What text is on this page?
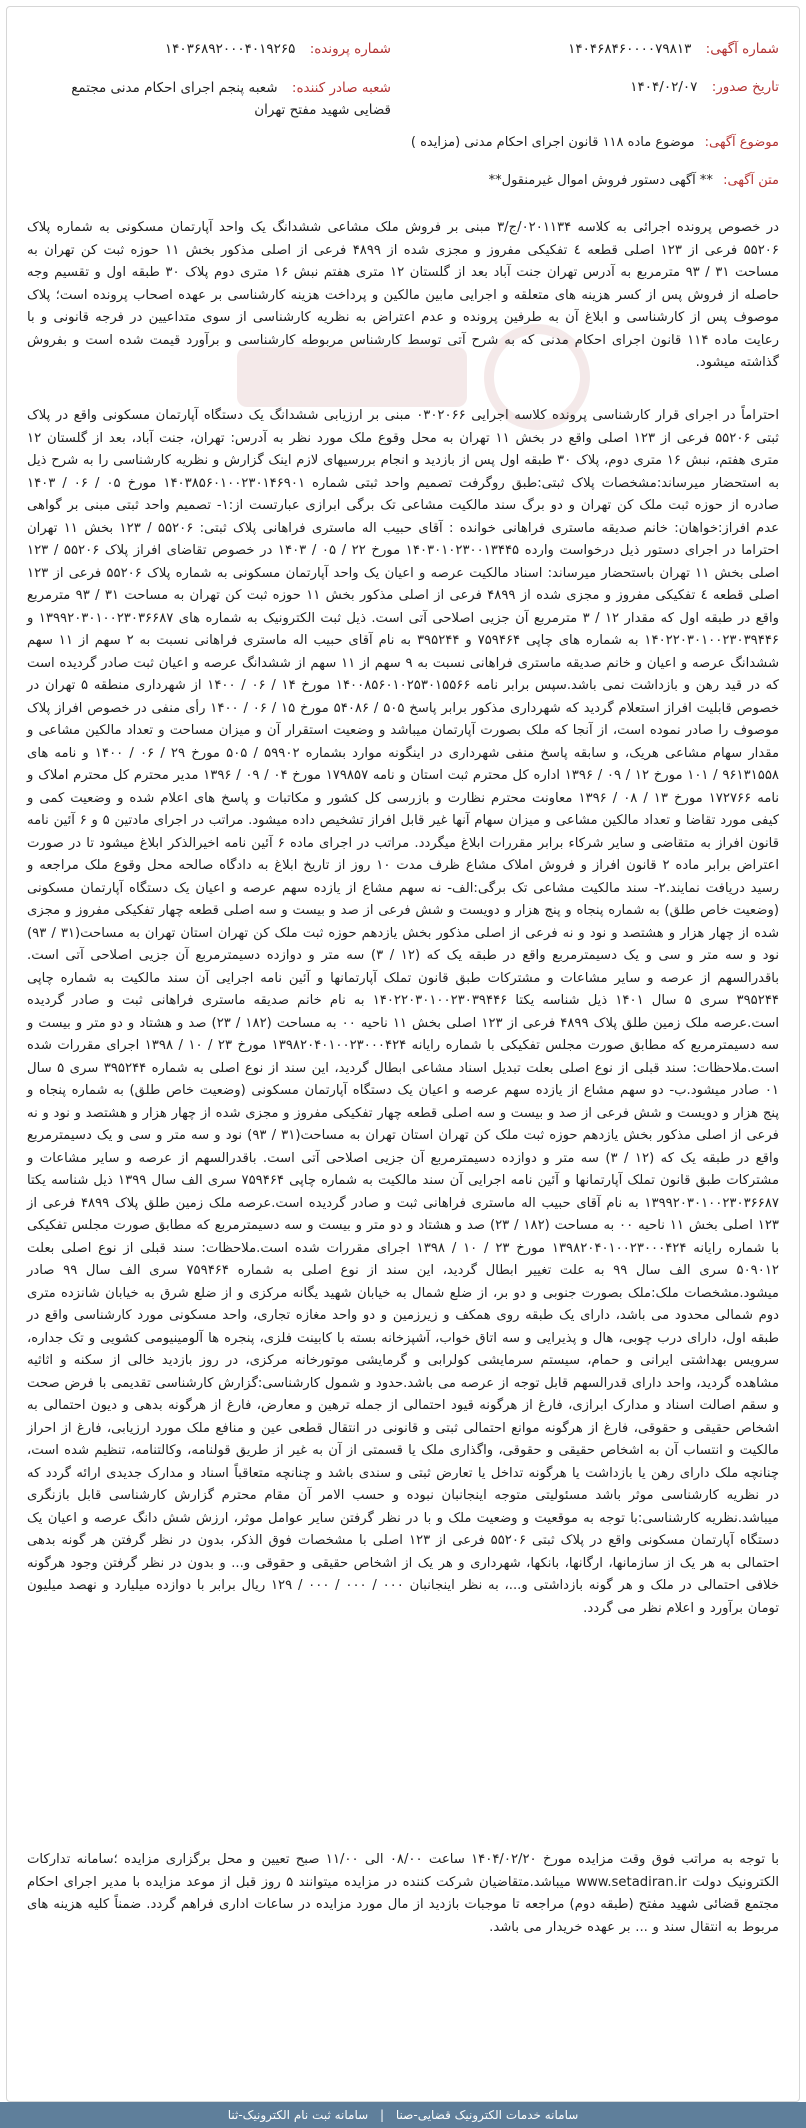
شماره آگهی: ۱۴۰۴۶۸۴۶۰۰۰۰۷۹۸۱۳
شماره پرونده: ۱۴۰۳۶۸۹۲۰۰۰۴۰۱۹۲۶۵
تاریخ صدور: ۱۴۰۴/۰۲/۰۷
شعبه صادر کننده: شعبه پنجم اجرای احکام مدنی مجتمع قضایی شهید مفتح تهران
موضوع آگهی: موضوع ماده ۱۱۸ قانون اجرای احکام مدنی (مزایده )
متن آگهی: ** آگهی دستور فروش اموال غیرمنقول**
در خصوص پرونده اجرائی به کلاسه ۰۲۰۱۱۳۴/ج/۳ مبنی بر فروش ملک مشاعی ششدانگ یک واحد آپارتمان مسکونی به شماره پلاک ۵۵۲۰۶ فرعی از ۱۲۳ اصلی قطعه ٤ تفکیکی مفروز و مجزی شده از ۴۸۹۹ فرعی از اصلی مذکور بخش ۱۱ حوزه ثبت کن تهران به مساحت ۳۱ / ۹۳ مترمربع به آدرس تهران جنت آباد بعد از گلستان ۱۲ متری هفتم نبش ۱۶ متری دوم پلاک ۳۰ طبقه اول و تقسیم وجه حاصله از فروش پس از کسر هزینه های متعلقه و اجرایی مابین مالکین و پرداخت هزینه کارشناسی بر عهده اصحاب پرونده است؛ پلاک موصوف پس از کارشناسی و ابلاغ آن به طرفین پرونده و عدم اعتراض به نظریه کارشناسی از سوی متداعیین در فرجه قانونی و با رعایت ماده ۱۱۴ قانون اجرای احکام مدنی که به شرح آتی توسط کارشناس مربوطه کارشناسی و برآورد قیمت شده است و بفروش گذاشته میشود.
احتراماً در اجرای قرار کارشناسی پرونده کلاسه اجرایی ۰۳۰۲۰۶۶ مبنی بر ارزیابی ششدانگ یک دستگاه آپارتمان مسکونی واقع در پلاک ثبتی ۵۵۲۰۶ فرعی از ۱۲۳ اصلی واقع در بخش ۱۱ تهران به محل وقوع ملک مورد نظر به آدرس: تهران، جنت آباد، بعد از گلستان ۱۲ متری هفتم، نبش ۱۶ متری دوم، پلاک ۳۰ طبقه اول پس از بازدید و انجام بررسیهای لازم اینک گزارش و نظریه کارشناسی را به شرح ذیل به استحضار میرساند:مشخصات پلاک ثبتی:طبق روگرفت تصمیم واحد ثبتی شماره ۱۴۰۳۸۵۶۰۱۰۰۲۳۰۱۴۶۹۰۱ مورخ ۰۵ / ۰۶ / ۱۴۰۳ صادره از حوزه ثبت ملک کن تهران و دو برگ سند مالکیت مشاعی تک برگی ابرازی عبارتست از:۱- تصمیم واحد ثبتی مبنی بر گواهی عدم افراز:خواهان: خانم صدیقه ماستری فراهانی خوانده : آقای حبیب اله ماستری فراهانی پلاک ثبتی: ۵۵۲۰۶ / ۱۲۳ بخش ۱۱ تهران احتراما در اجرای دستور ذیل درخواست وارده ۱۴۰۳۰۱۰۲۳۰۰۱۳۴۴۵ مورخ ۲۲ / ۰۵ / ۱۴۰۳ در خصوص تقاضای افراز پلاک ۵۵۲۰۶ / ۱۲۳ اصلی بخش ۱۱ تهران باستحضار میرساند: اسناد مالکیت عرصه و اعیان یک واحد آپارتمان مسکونی به شماره پلاک ۵۵۲۰۶ فرعی از ۱۲۳ اصلی قطعه ٤ تفکیکی مفروز و مجزی شده از ۴۸۹۹ فرعی از اصلی مذکور بخش ۱۱ حوزه ثبت کن تهران به مساحت ۳۱ / ۹۳ مترمربع واقع در طبقه اول که مقدار ۱۲ / ۳ مترمربع آن جزیی اصلاحی آتی است. ذیل ثبت الکترونیک به شماره های ۱۳۹۹۲۰۳۰۱۰۰۲۳۰۳۶۶۸۷ و ۱۴۰۲۲۰۳۰۱۰۰۲۳۰۳۹۴۴۶ به شماره های چاپی ۷۵۹۴۶۴ و ۳۹۵۲۴۴ به نام آقای حبیب اله ماستری فراهانی نسبت به ۲ سهم از ۱۱ سهم ششدانگ عرصه و اعیان و خانم صدیقه ماستری فراهانی نسبت به ۹ سهم از ۱۱ سهم از ششدانگ عرصه و اعیان ثبت صادر گردیده است که در قید رهن و بازداشت نمی باشد.سپس برابر نامه ۱۴۰۰۸۵۶۰۱۰۲۵۳۰۱۵۵۶۶ مورخ ۱۴ / ۰۶ / ۱۴۰۰ از شهرداری منطقه ۵ تهران در خصوص قابلیت افراز استعلام گردید که شهرداری مذکور برابر پاسخ ۵۰۵ / ۵۴۰۸۶ مورخ ۱۵ / ۰۶ / ۱۴۰۰ رأی منفی در خصوص افراز پلاک موصوف را صادر نموده است، از آنجا که ملک بصورت آپارتمان میباشد و وضعیت استقرار آن و میزان مساحت و تعداد مالکین مشاعی و مقدار سهام مشاعی هریک، و سابقه پاسخ منفی شهرداری در اینگونه موارد بشماره ۵۹۹۰۲ / ۵۰۵ مورخ ۲۹ / ۰۶ / ۱۴۰۰ و نامه های ۹۶۱۳۱۵۵۸ / ۱۰۱ مورخ ۱۲ / ۰۹ / ۱۳۹۶ اداره کل محترم ثبت استان و نامه ۱۷۹۸۵۷ مورخ ۰۴ / ۰۹ / ۱۳۹۶ مدیر محترم کل محترم املاک و نامه ۱۷۲۷۶۶ مورخ ۱۳ / ۰۸ / ۱۳۹۶ معاونت محترم نظارت و بازرسی کل کشور و مکاتبات و پاسخ های اعلام شده و وضعیت کمی و کیفی مورد تقاضا و تعداد مالکین مشاعی و میزان سهام آنها غیر قابل افراز تشخیص داده میشود. مراتب در اجرای مادتین ۵ و ۶ آئین نامه قانون افراز به متقاضی و سایر شرکاء برابر مقررات ابلاغ میگردد. مراتب در اجرای ماده ۶ آئین نامه اخیرالذکر ابلاغ میشود تا در صورت اعتراض برابر ماده ۲ قانون افراز و فروش املاک مشاع ظرف مدت ۱۰ روز از تاریخ ابلاغ به دادگاه صالحه محل وقوع ملک مراجعه و رسید دریافت نمایند.۲- سند مالکیت مشاعی تک برگی:الف- نه سهم مشاع از یازده سهم عرصه و اعیان یک دستگاه آپارتمان مسکونی (وضعیت خاص طلق) به شماره پنجاه و پنج هزار و دویست و شش فرعی از صد و بیست و سه اصلی قطعه چهار تفکیکی مفروز و مجزی شده از چهار هزار و هشتصد و نود و نه فرعی از اصلی مذکور بخش یازدهم حوزه ثبت ملک کن تهران استان تهران به مساحت(۳۱ / ۹۳) نود و سه متر و سی و یک دسیمترمربع واقع در طبقه یک که (۱۲ / ۳) سه متر و دوازده دسیمترمربع آن جزیی اصلاحی آتی است. باقدرالسهم از عرصه و سایر مشاعات و مشترکات طبق قانون تملک آپارتمانها و آئین نامه اجرایی آن سند مالکیت به شماره چاپی ۳۹۵۲۴۴ سری ۵ سال ۱۴۰۱ ذیل شناسه یکتا ۱۴۰۲۲۰۳۰۱۰۰۲۳۰۳۹۴۴۶ به نام خانم صدیقه ماستری فراهانی ثبت و صادر گردیده است.عرصه ملک زمین طلق پلاک ۴۸۹۹ فرعی از ۱۲۳ اصلی بخش ۱۱ ناحیه ۰۰ به مساحت (۱۸۲ / ۲۳) صد و هشتاد و دو متر و بیست و سه دسیمترمربع که مطابق صورت مجلس تفکیکی با شماره رایانه ۱۳۹۸۲۰۴۰۱۰۰۲۳۰۰۰۴۲۴ مورخ ۲۳ / ۱۰ / ۱۳۹۸ اجرای مقررات شده است.ملاحظات: سند قبلی از نوع اصلی بعلت تبدیل اسناد مشاعی ابطال گردید، این سند از نوع اصلی به شماره ۳۹۵۲۴۴ سری ۵ سال ۰۱ صادر میشود.ب- دو سهم مشاع از یازده سهم عرصه و اعیان یک دستگاه آپارتمان مسکونی (وضعیت خاص طلق) به شماره پنجاه و پنج هزار و دویست و شش فرعی از صد و بیست و سه اصلی قطعه چهار تفکیکی مفروز و مجزی شده از چهار هزار و هشتصد و نود و نه فرعی از اصلی مذکور بخش یازدهم حوزه ثبت ملک کن تهران استان تهران به مساحت(۳۱ / ۹۳) نود و سه متر و سی و یک دسیمترمربع واقع در طبقه یک که (۱۲ / ۳) سه متر و دوازده دسیمترمربع آن جزیی اصلاحی آتی است. باقدرالسهم از عرصه و سایر مشاعات و مشترکات طبق قانون تملک آپارتمانها و آئین نامه اجرایی آن سند مالکیت به شماره چاپی ۷۵۹۴۶۴ سری الف سال ۱۳۹۹ ذیل شناسه یکتا ۱۳۹۹۲۰۳۰۱۰۰۲۳۰۳۶۶۸۷ به نام آقای حبیب اله ماستری فراهانی ثبت و صادر گردیده است.عرصه ملک زمین طلق پلاک ۴۸۹۹ فرعی از ۱۲۳ اصلی بخش ۱۱ ناحیه ۰۰ به مساحت (۱۸۲ / ۲۳) صد و هشتاد و دو متر و بیست و سه دسیمترمربع که مطابق صورت مجلس تفکیکی با شماره رایانه ۱۳۹۸۲۰۴۰۱۰۰۲۳۰۰۰۴۲۴ مورخ ۲۳ / ۱۰ / ۱۳۹۸ اجرای مقررات شده است.ملاحظات: سند قبلی از نوع اصلی بعلت ۵۰۹۰۱۲ سری الف سال ۹۹ به علت تغییر ابطال گردید، این سند از نوع اصلی به شماره ۷۵۹۴۶۴ سری الف سال ۹۹ صادر میشود.مشخصات ملک:ملک بصورت جنوبی و دو بر، از ضلع شمال به خیابان شهید یگانه مرکزی و از ضلع شرق به خیابان شانزده متری دوم شمالی محدود می باشد، دارای یک طبقه روی همکف و زیرزمین و دو واحد مغازه تجاری، واحد مسکونی مورد کارشناسی واقع در طبقه اول، دارای درب چوبی، هال و پذیرایی و سه اتاق خواب، آشپزخانه بسته با کابینت فلزی، پنجره ها آلومینیومی کشویی و تک جداره، سرویس بهداشتی ایرانی و حمام، سیستم سرمایشی کولرابی و گرمایشی موتورخانه مرکزی، در روز بازدید خالی از سکنه و اثاثیه مشاهده گردید، واحد دارای قدرالسهم قابل توجه از عرصه می باشد.حدود و شمول کارشناسی:گزارش کارشناسی تقدیمی با فرض صحت و سقم اصالت اسناد و مدارک ابرازی، فارغ از هرگونه قیود احتمالی از جمله ترهین و معارض، فارغ از هرگونه بدهی و دیون احتمالی به اشخاص حقیقی و حقوقی، فارغ از هرگونه موانع احتمالی ثبتی و قانونی در انتقال قطعی عین و منافع ملک مورد ارزیابی، فارغ از احراز مالکیت و انتساب آن به اشخاص حقیقی و حقوقی، واگذاری ملک یا قسمتی از آن به غیر از طریق قولنامه، وکالتنامه، تنظیم شده است، چنانچه ملک دارای رهن یا بازداشت یا هرگونه تداخل یا تعارض ثبتی و سندی باشد و چنانچه متعاقباً اسناد و مدارک جدیدی ارائه گردد که در نظریه کارشناسی موثر باشد مسئولیتی متوجه اینجانبان نبوده و حسب الامر آن مقام محترم گزارش کارشناسی قابل بازنگری میباشد.نظریه کارشناسی:با توجه به موقعیت و وضعیت ملک و با در نظر گرفتن سایر عوامل موثر، ارزش شش دانگ عرصه و اعیان یک دستگاه آپارتمان مسکونی واقع در پلاک ثبتی ۵۵۲۰۶ فرعی از ۱۲۳ اصلی با مشخصات فوق الذکر، بدون در نظر گرفتن هر گونه بدهی احتمالی به هر یک از سازمانها، ارگانها، بانکها، شهرداری و هر یک از اشخاص حقیقی و حقوقی و... و بدون در نظر گرفتن وجود هرگونه خلافی احتمالی در ملک و هر گونه بازداشتی و...، به نظر اینجانبان ۰۰۰ / ۰۰۰ / ۰۰۰ / ۱۲۹ ریال برابر با دوازده میلیارد و نهصد میلیون تومان برآورد و اعلام نظر می گردد.
با توجه به مراتب فوق وقت مزایده مورخ ۱۴۰۴/۰۲/۲۰ ساعت ۰۸/۰۰ الی ۱۱/۰۰ صبح تعیین و محل برگزاری مزایده ؛سامانه تدارکات الکترونیک دولت www.setadiran.ir میباشد.متقاضیان شرکت کننده در مزایده میتوانند ۵ روز قبل از موعد مزایده با مدیر اجرای احکام مجتمع قضائی شهید مفتح (طبقه دوم) مراجعه تا موجبات بازدید از مال مورد مزایده در ساعات اداری فراهم گردد. ضمناً کلیه هزینه های مربوط به انتقال سند و ... بر عهده خریدار می باشد.
سامانه خدمات الکترونیک قضایی-صنا | سامانه ثبت نام الکترونیک-ثنا
